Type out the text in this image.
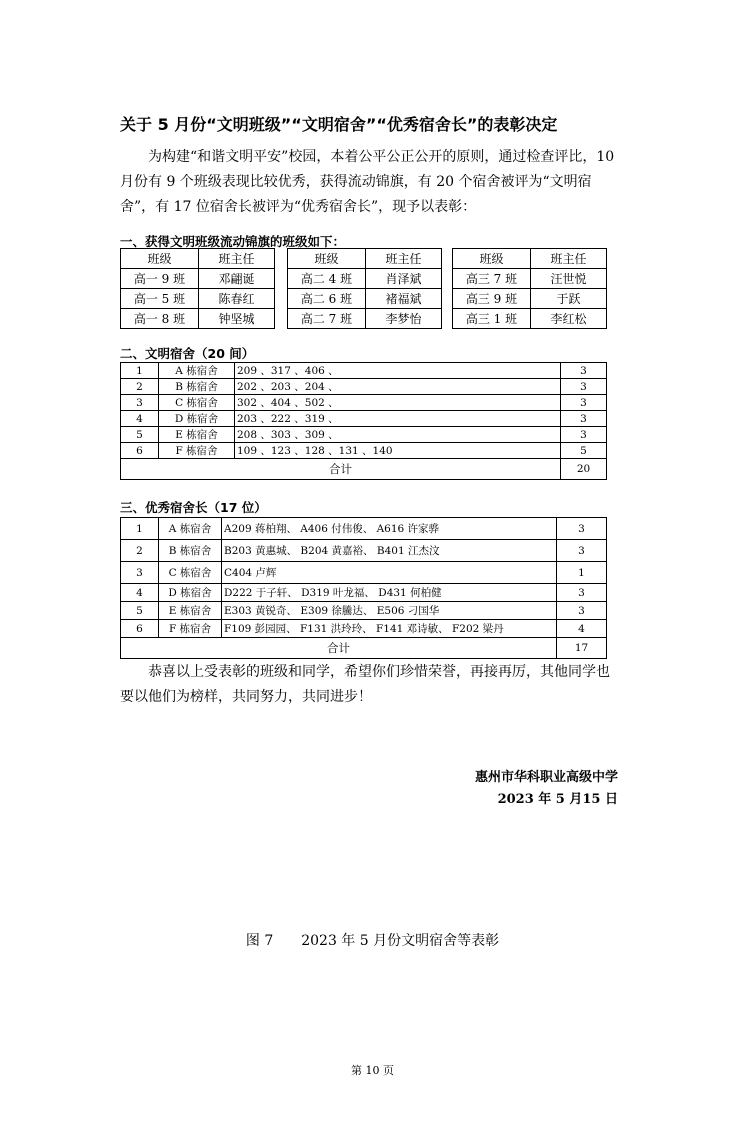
关于 5 月份“文明班级”“文明宿舍”“优秀宿舍长”的表彰决定

为构建“和谐文明平安”校园，本着公平公正公开的原则，通过检查评比，10 月份有 9 个班级表现比较优秀，获得流动锦旗，有 20 个宿舍被评为“文明宿舍”，有 17 位宿舍长被评为“优秀宿舍长”，现予以表彰：

一、获得文明班级流动锦旗的班级如下：
班级	班主任
高一 9 班	邓翩诞
高一 5 班	陈春红
高一 8 班	钟坚城
班级	班主任
高二 4 班	肖泽斌
高二 6 班	褚福斌
高二 7 班	李梦怡
班级	班主任
高三 7 班	汪世悦
高三 9 班	于跃
高三 1 班	李红松
二、文明宿舍（20 间）
1	A 栋宿舍	209 、317 、406 、	3
2	B 栋宿舍	202 、203 、204 、	3
3	C 栋宿舍	302 、404 、502 、	3
4	D 栋宿舍	203 、222 、319 、	3
5	E 栋宿舍	208 、303 、309 、	3
6	F 栋宿舍	109 、123 、128 、131 、140	5
合计			20
三、优秀宿舍长（17 位）
1	A 栋宿舍	A209 蒋柏翔、 A406 付伟俊、 A616 许家骅	3
2	B 栋宿舍	B203 黄惠城、 B204 黄嘉裕、 B401 江杰汶	3
3	C 栋宿舍	C404 卢辉	1
4	D 栋宿舍	D222 于子轩、 D319 叶龙福、 D431 何柏健	3
5	E 栋宿舍	E303 黄锐奇、 E309 徐騰达、 E506 刁国华	3
6	F 栋宿舍	F109 彭园园、 F131 洪玲玲、 F141 邓诗敏、 F202 梁丹	4
合计			17

恭喜以上受表彰的班级和同学，希望你们珍惜荣誉，再接再厉，其他同学也要以他们为榜样，共同努力，共同进步！

惠州市华科职业高级中学
2023 年 5 月15 日
图 7　　2023 年 5 月份文明宿舍等表彰
第 10 页
